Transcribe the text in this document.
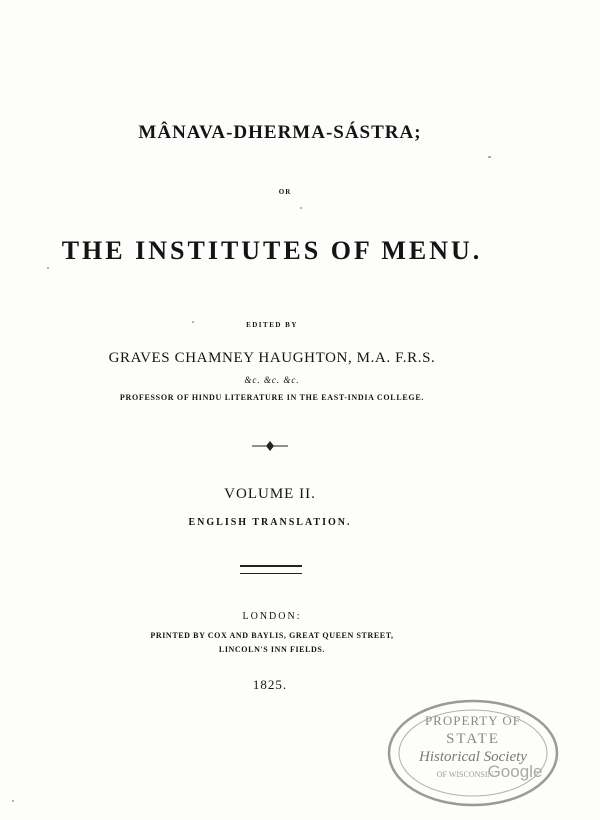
MÂNAVA-DHERMA-SÁSTRA;
OR
THE INSTITUTES OF MENU.
EDITED BY
GRAVES CHAMNEY HAUGHTON, M.A. F.R.S.
&c. &c. &c.
PROFESSOR OF HINDU LITERATURE IN THE EAST-INDIA COLLEGE.
VOLUME II.
ENGLISH TRANSLATION.
LONDON:
PRINTED BY COX AND BAYLIS, GREAT QUEEN STREET,
LINCOLN'S INN FIELDS.
1825.
PROPERTY OF
STATE
Historical Society
OF WISCONSIN
Google
